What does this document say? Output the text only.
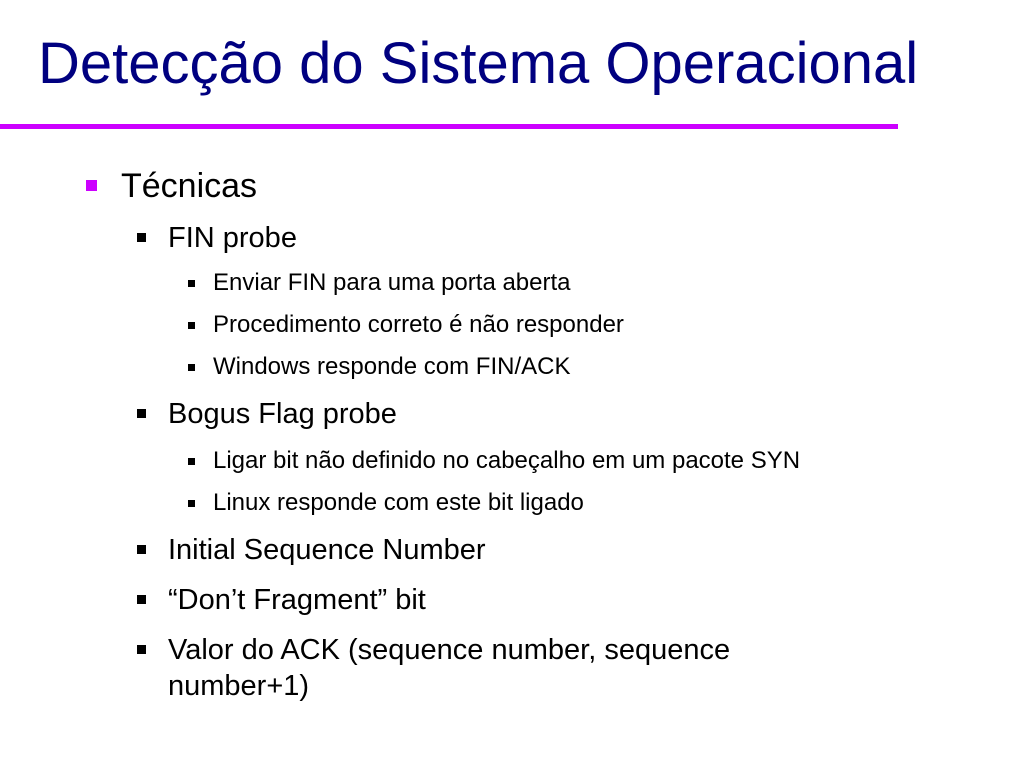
Detecção do Sistema Operacional
Técnicas
FIN probe
Enviar FIN para uma porta aberta
Procedimento correto é não responder
Windows responde com FIN/ACK
Bogus Flag probe
Ligar bit não definido no cabeçalho em um pacote SYN
Linux responde com este bit ligado
Initial Sequence Number
“Don’t Fragment” bit
Valor do ACK (sequence number, sequence
number+1)
